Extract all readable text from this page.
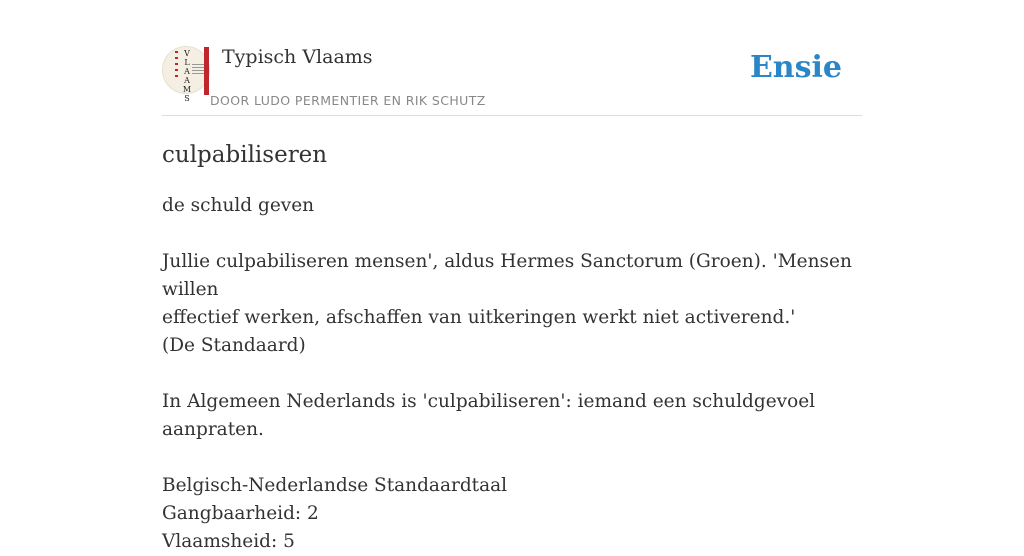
V
L
A
A
M
S
Typisch Vlaams
DOOR LUDO PERMENTIER EN RIK SCHUTZ
Ensie
culpabiliseren

de schuld geven

Jullie culpabiliseren mensen', aldus Hermes Sanctorum (Groen). 'Mensen willen
effectief werken, afschaffen van uitkeringen werkt niet activerend.'
(De Standaard)

In Algemeen Nederlands is 'culpabiliseren': iemand een schuldgevoel aanpraten.

Belgisch-Nederlandse Standaardtaal
Gangbaarheid: 2
Vlaamsheid: 5
